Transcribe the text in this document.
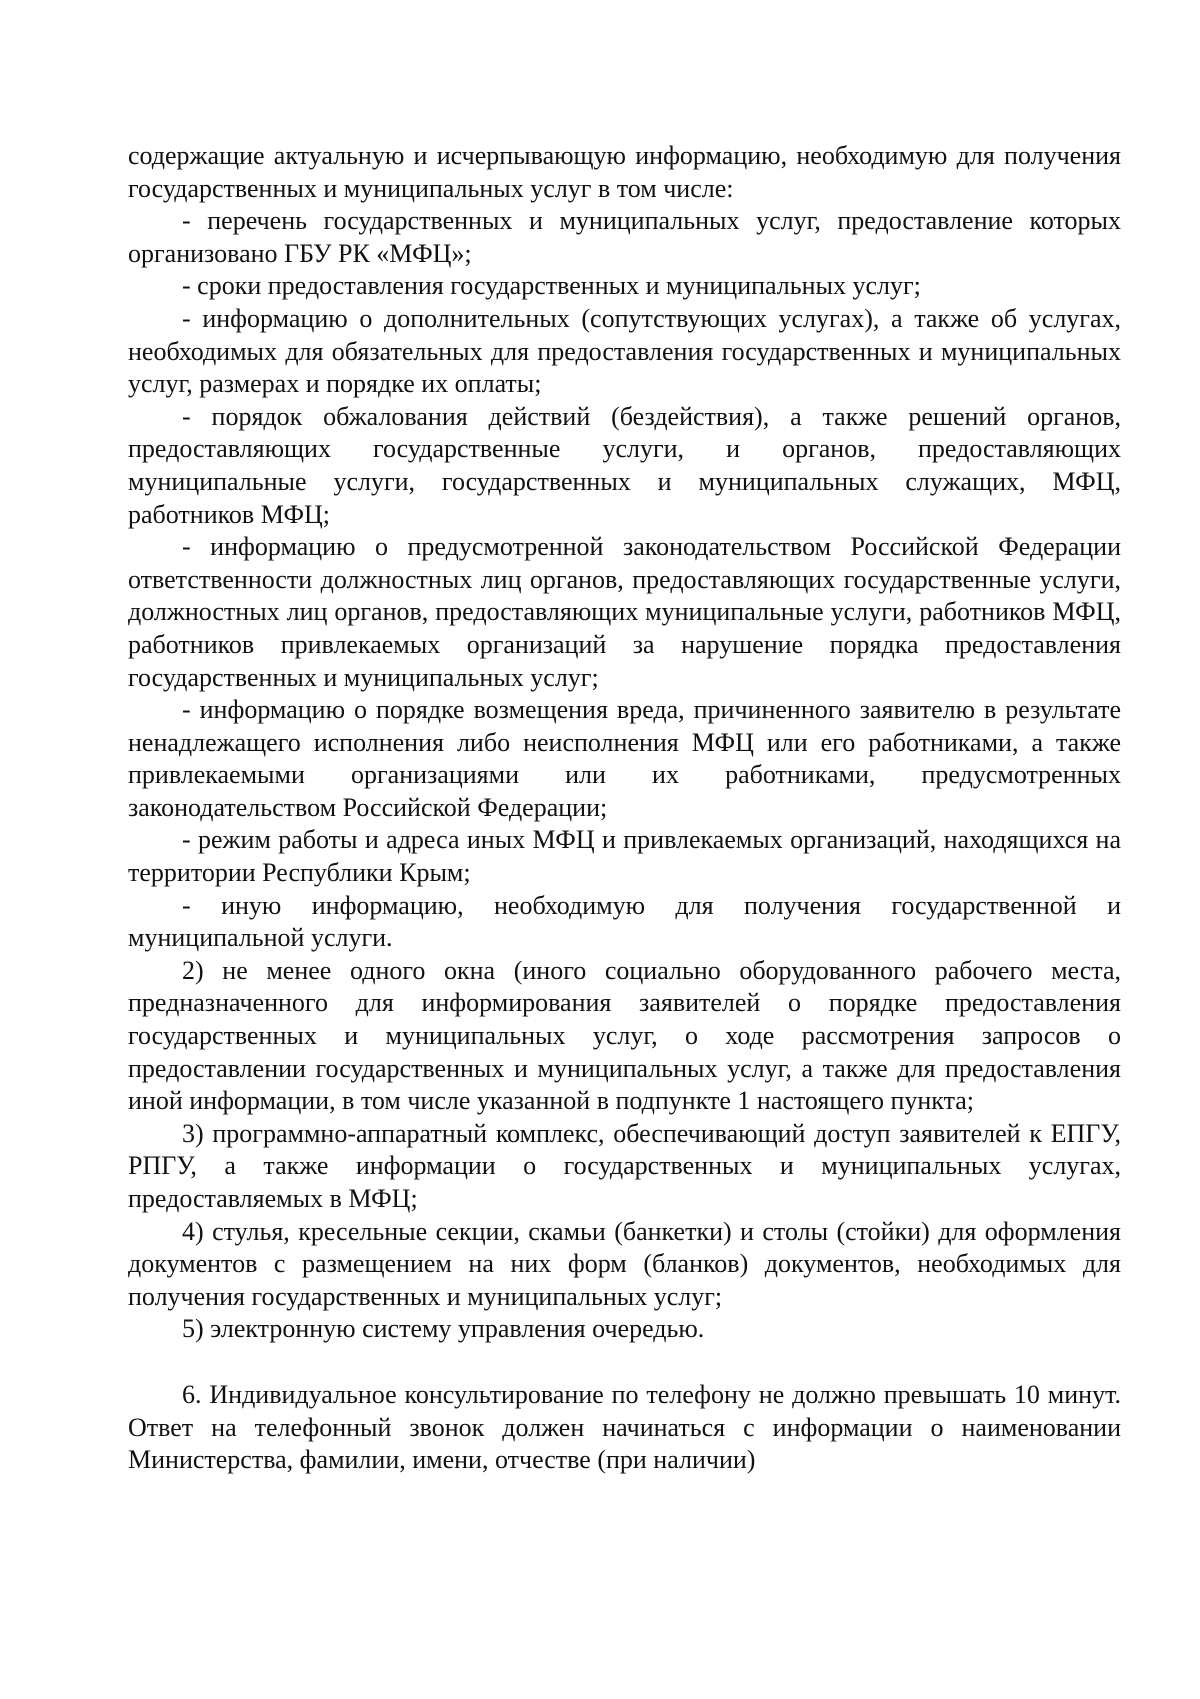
содержащие актуальную и исчерпывающую информацию, необходимую для получения государственных и муниципальных услуг в том числе:

- перечень государственных и муниципальных услуг, предоставление которых организовано ГБУ РК «МФЦ»;

- сроки предоставления государственных и муниципальных услуг;

- информацию о дополнительных (сопутствующих услугах), а также об услугах, необходимых для обязательных для предоставления государственных и муниципальных услуг, размерах и порядке их оплаты;

- порядок обжалования действий (бездействия), а также решений органов, предоставляющих государственные услуги, и органов, предоставляющих муниципальные услуги, государственных и муниципальных служащих, МФЦ, работников МФЦ;

- информацию о предусмотренной законодательством Российской Федерации ответственности должностных лиц органов, предоставляющих государственные услуги, должностных лиц органов, предоставляющих муниципальные услуги, работников МФЦ, работников привлекаемых организаций за нарушение порядка предоставления государственных и муниципальных услуг;

- информацию о порядке возмещения вреда, причиненного заявителю в результате ненадлежащего исполнения либо неисполнения МФЦ или его работниками, а также привлекаемыми организациями или их работниками, предусмотренных законодательством Российской Федерации;

- режим работы и адреса иных МФЦ и привлекаемых организаций, находящихся на территории Республики Крым;

- иную информацию, необходимую для получения государственной и муниципальной услуги.

2) не менее одного окна (иного социально оборудованного рабочего места, предназначенного для информирования заявителей о порядке предоставления государственных и муниципальных услуг, о ходе рассмотрения запросов о предоставлении государственных и муниципальных услуг, а также для предоставления иной информации, в том числе указанной в подпункте 1 настоящего пункта;

3) программно-аппаратный комплекс, обеспечивающий доступ заявителей к ЕПГУ, РПГУ, а также информации о государственных и муниципальных услугах, предоставляемых в МФЦ;

4) стулья, кресельные секции, скамьи (банкетки) и столы (стойки) для оформления документов с размещением на них форм (бланков) документов, необходимых для получения государственных и муниципальных услуг;

5) электронную систему управления очередью.

6. Индивидуальное консультирование по телефону не должно превышать 10 минут. Ответ на телефонный звонок должен начинаться с информации о наименовании Министерства, фамилии, имени, отчестве (при наличии)
